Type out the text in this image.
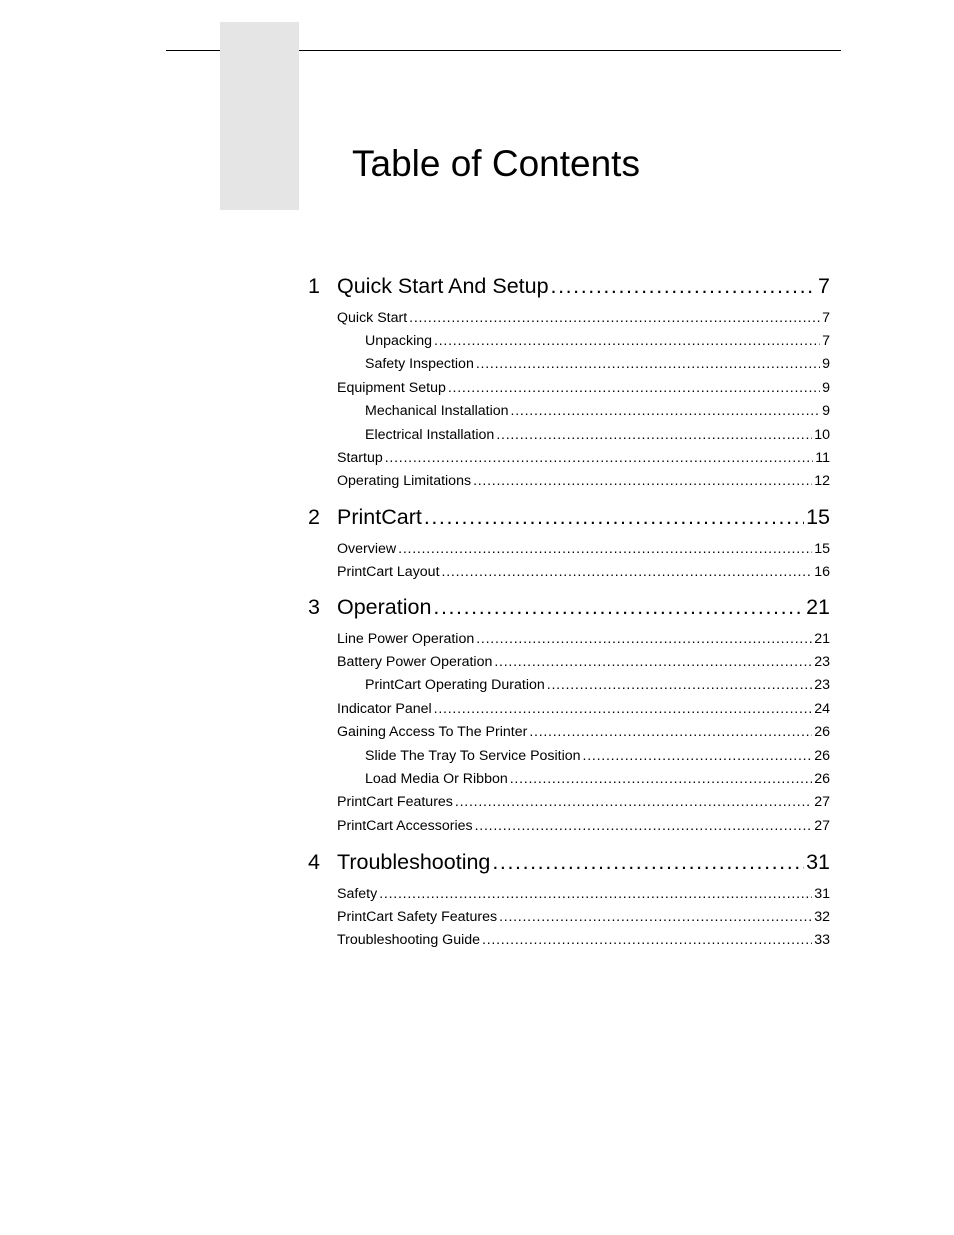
Table of Contents
1 Quick Start And Setup . . .	7
Quick Start . . .	7
Unpacking . . .	7
Safety Inspection . . .	9
Equipment Setup . . .	9
Mechanical Installation . . .	9
Electrical Installation . . .	10
Startup . . .	11
Operating Limitations . . .	12
2 PrintCart . . .	15
Overview . . .	15
PrintCart Layout . . .	16
3 Operation . . .	21
Line Power Operation . . .	21
Battery Power Operation . . .	23
PrintCart Operating Duration . . .	23
Indicator Panel . . .	24
Gaining Access To The Printer . . .	26
Slide The Tray To Service Position . . .	26
Load Media Or Ribbon . . .	26
PrintCart Features . . .	27
PrintCart Accessories . . .	27
4 Troubleshooting . . .	31
Safety . . .	31
PrintCart Safety Features . . .	32
Troubleshooting Guide . . .	33
